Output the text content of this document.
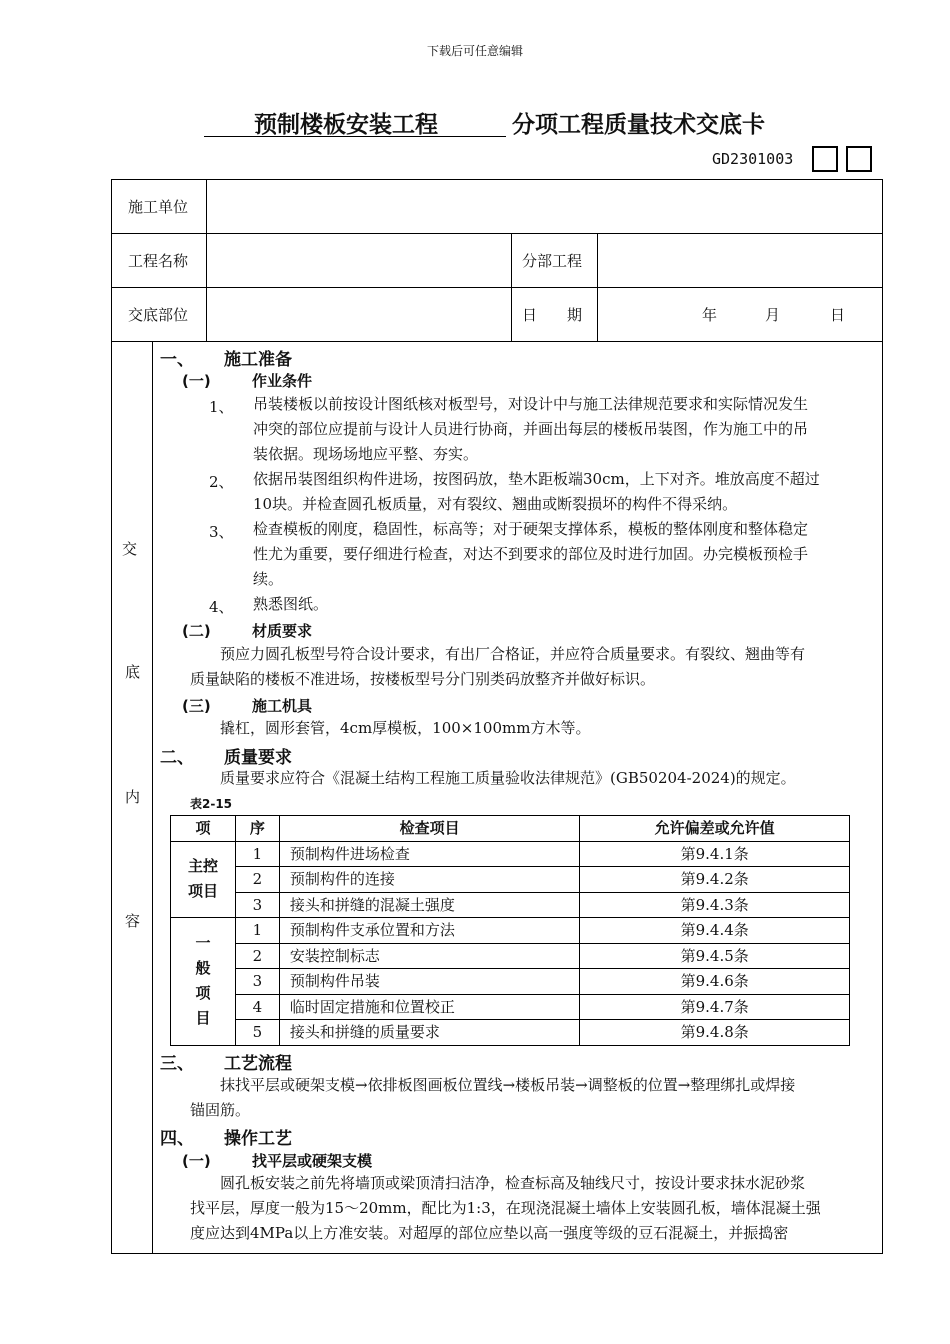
下载后可任意编辑

预制楼板安装工程	分项工程质量技术交底卡
GD2301003
施工单位
工程名称	分部工程
交底部位	日　　期	年	月	日
交
底
内
容
一、 施工准备
(一)	作业条件
1、 吊装楼板以前按设计图纸核对板型号，对设计中与施工法律规范要求和实际情况发生
冲突的部位应提前与设计人员进行协商，并画出每层的楼板吊装图，作为施工中的吊
装依据。现场场地应平整、夯实。
2、 依据吊装图组织构件进场，按图码放，垫木距板端30cm，上下对齐。堆放高度不超过
10块。并检查圆孔板质量，对有裂纹、翘曲或断裂损坏的构件不得采纳。
3、 检查模板的刚度，稳固性，标高等；对于硬架支撑体系，模板的整体刚度和整体稳定
性尤为重要，要仔细进行检查，对达不到要求的部位及时进行加固。办完模板预检手
续。
4、 熟悉图纸。
(二)	材质要求
预应力圆孔板型号符合设计要求，有出厂合格证，并应符合质量要求。有裂纹、翘曲等有
质量缺陷的楼板不准进场，按楼板型号分门别类码放整齐并做好标识。
(三)	施工机具
撬杠，圆形套管，4cm厚模板，100×100mm方木等。
二、 质量要求
质量要求应符合《混凝土结构工程施工质量验收法律规范》(GB50204-2024)的规定。
表2-15
项	序	检查项目	允许偏差或允许值
主控
项目	1	预制构件进场检查	第9.4.1条
	2	预制构件的连接	第9.4.2条
	3	接头和拼缝的混凝土强度	第9.4.3条
一
般
项
目	1	预制构件支承位置和方法	第9.4.4条
	2	安装控制标志	第9.4.5条
	3	预制构件吊装	第9.4.6条
	4	临时固定措施和位置校正	第9.4.7条
	5	接头和拼缝的质量要求	第9.4.8条
三、 工艺流程
抹找平层或硬架支模→依排板图画板位置线→楼板吊装→调整板的位置→整理绑扎或焊接
锚固筋。
四、 操作工艺
(一)	找平层或硬架支模
圆孔板安装之前先将墙顶或梁顶清扫洁净，检查标高及轴线尺寸，按设计要求抹水泥砂浆
找平层，厚度一般为15～20mm，配比为1:3，在现浇混凝土墙体上安装圆孔板，墙体混凝土强
度应达到4MPa以上方准安装。对超厚的部位应垫以高一强度等级的豆石混凝土，并振捣密
